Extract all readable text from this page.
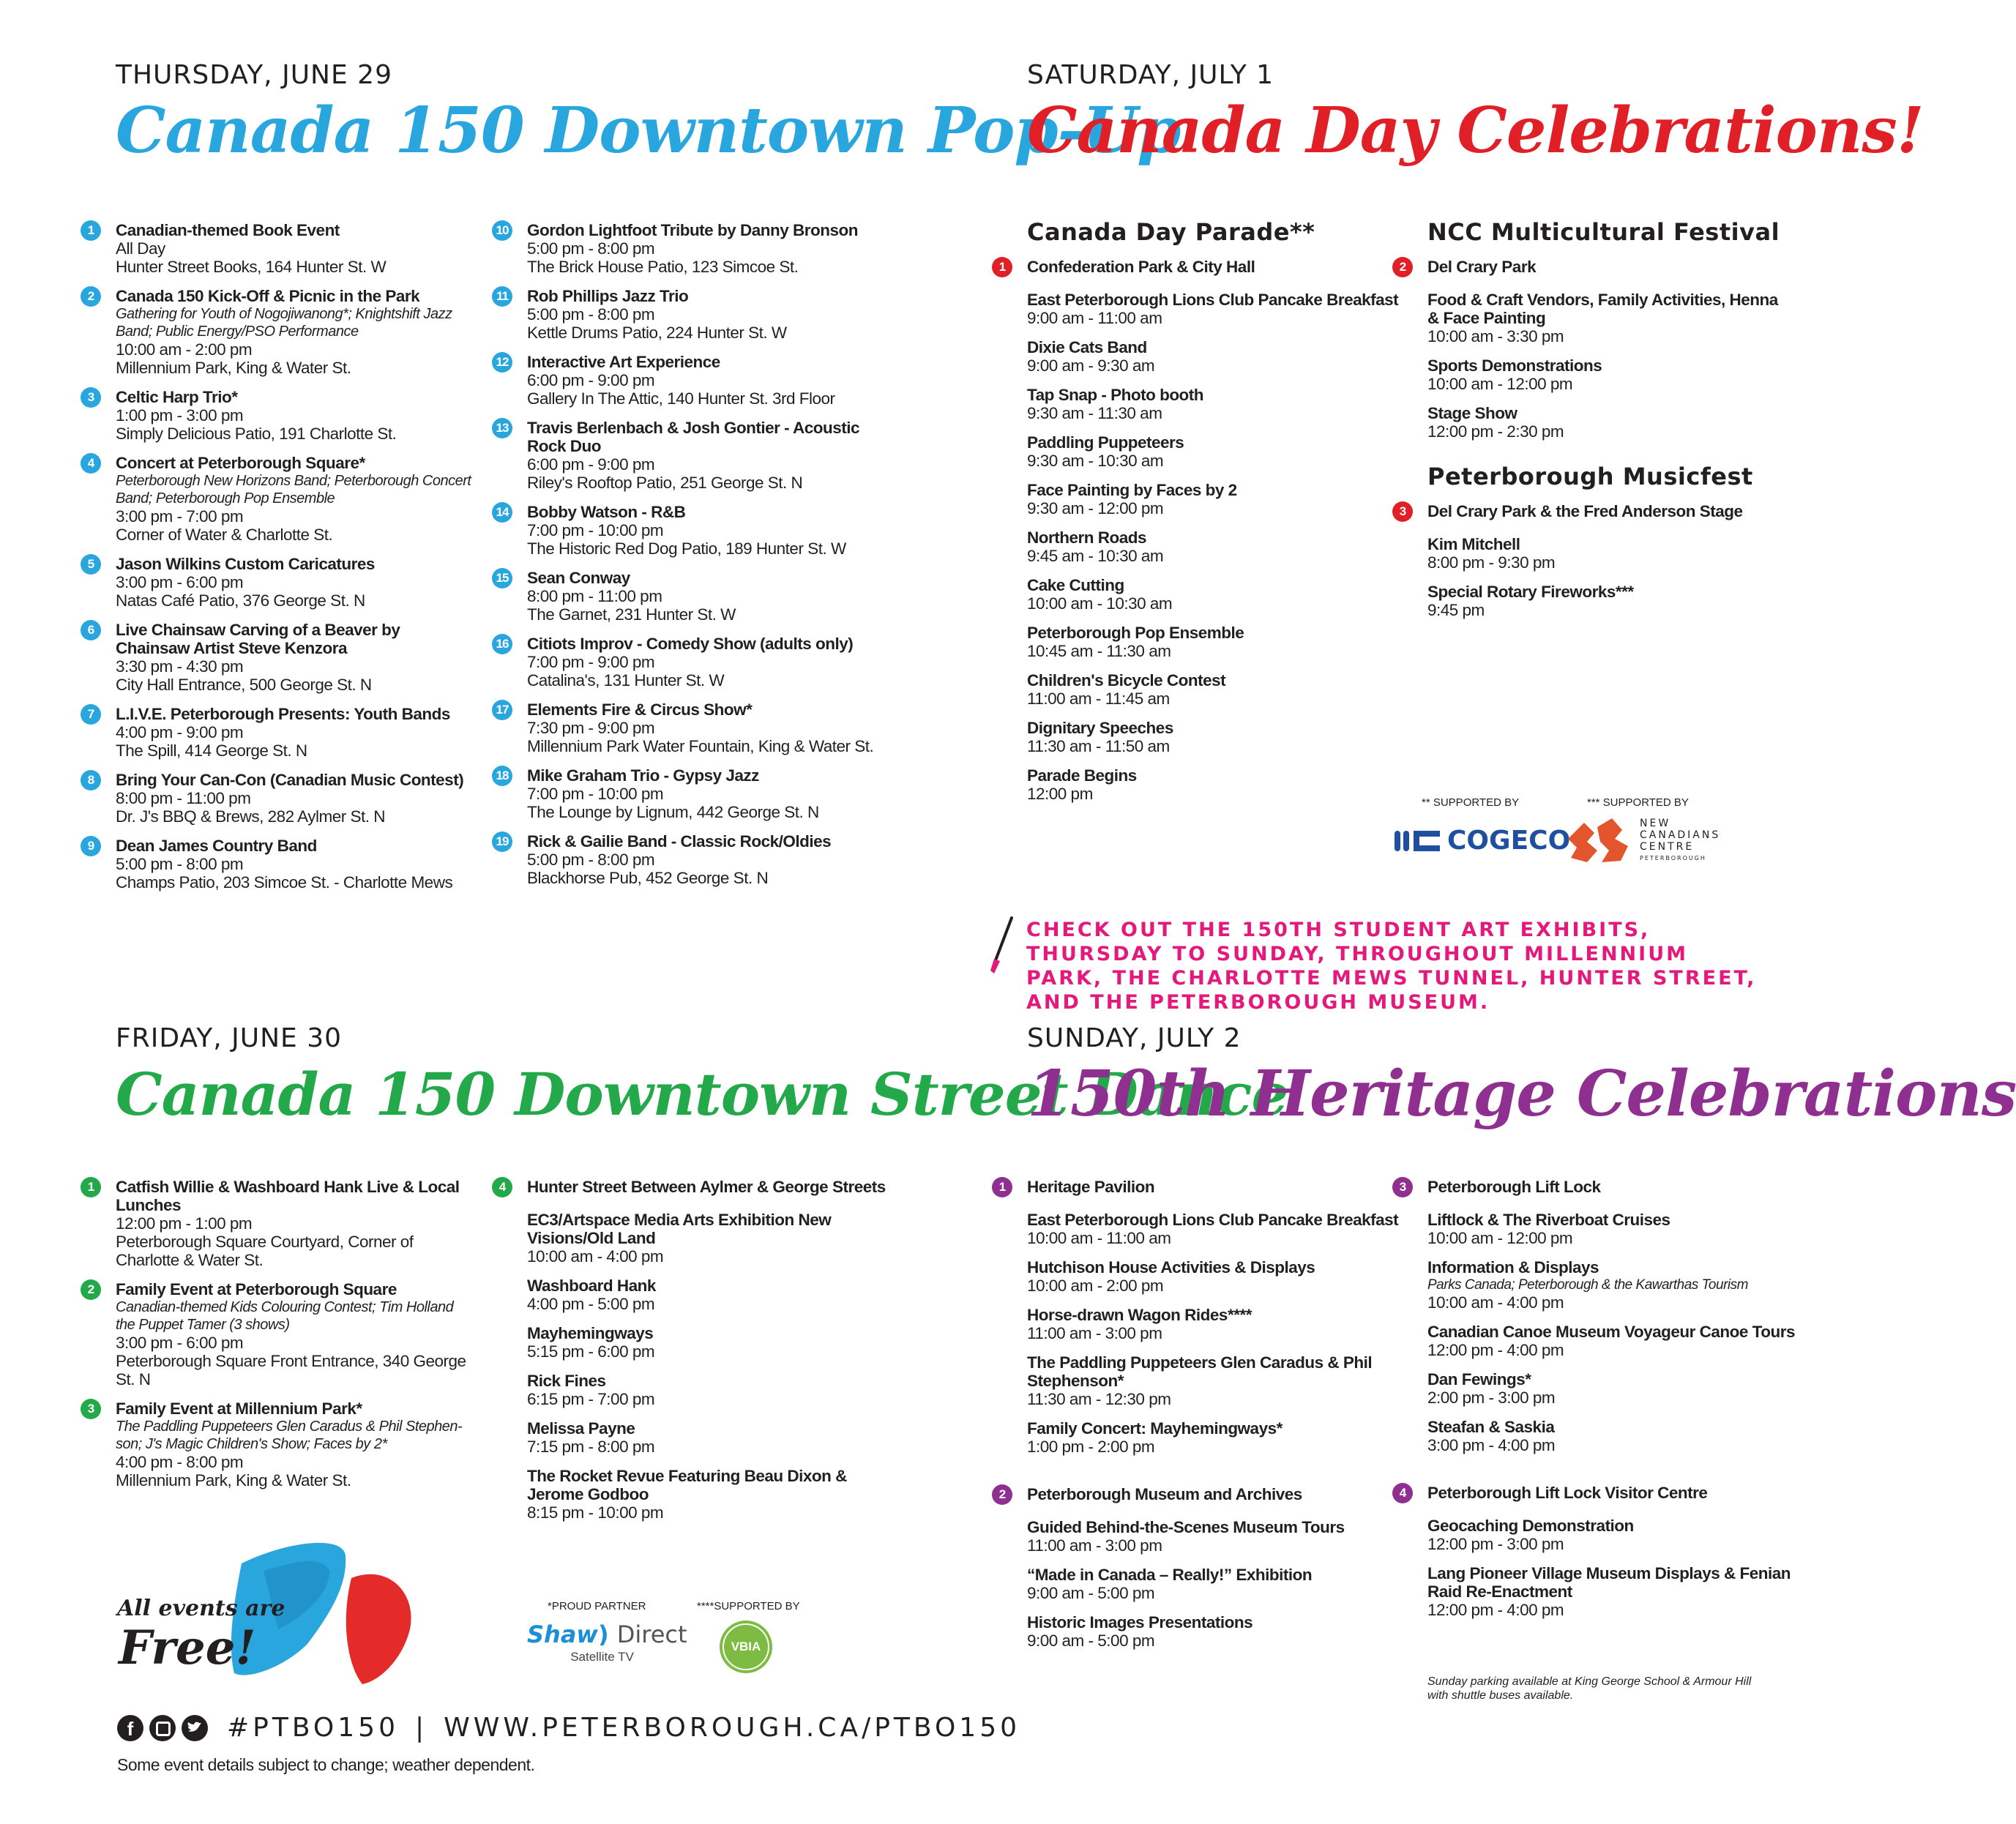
THURSDAY, JUNE 29
Canada 150 Downtown Pop-Up
1	Canadian-themed Book Event
All Day
Hunter Street Books, 164 Hunter St. W
2	Canada 150 Kick-Off & Picnic in the Park
Gathering for Youth of Nogojiwanong*; Knightshift Jazz Band; Public Energy/PSO Performance
10:00 am - 2:00 pm
Millennium Park, King & Water St.
3	Celtic Harp Trio*
1:00 pm - 3:00 pm
Simply Delicious Patio, 191 Charlotte St.
4	Concert at Peterborough Square*
Peterborough New Horizons Band; Peterborough Concert Band; Peterborough Pop Ensemble
3:00 pm - 7:00 pm
Corner of Water & Charlotte St.
5	Jason Wilkins Custom Caricatures
3:00 pm - 6:00 pm
Natas Café Patio, 376 George St. N
6	Live Chainsaw Carving of a Beaver by Chainsaw Artist Steve Kenzora
3:30 pm - 4:30 pm
City Hall Entrance, 500 George St. N
7	L.I.V.E. Peterborough Presents: Youth Bands
4:00 pm - 9:00 pm
The Spill, 414 George St. N
8	Bring Your Can-Con (Canadian Music Contest)
8:00 pm - 11:00 pm
Dr. J's BBQ & Brews, 282 Aylmer St. N
9	Dean James Country Band
5:00 pm - 8:00 pm
Champs Patio, 203 Simcoe St. - Charlotte Mews
10 Gordon Lightfoot Tribute by Danny Bronson
5:00 pm - 8:00 pm
The Brick House Patio, 123 Simcoe St.
11 Rob Phillips Jazz Trio
5:00 pm - 8:00 pm
Kettle Drums Patio, 224 Hunter St. W
12 Interactive Art Experience
6:00 pm - 9:00 pm
Gallery In The Attic, 140 Hunter St. 3rd Floor
13 Travis Berlenbach & Josh Gontier - Acoustic Rock Duo
6:00 pm - 9:00 pm
Riley's Rooftop Patio, 251 George St. N
14 Bobby Watson - R&B
7:00 pm - 10:00 pm
The Historic Red Dog Patio, 189 Hunter St. W
15 Sean Conway
8:00 pm - 11:00 pm
The Garnet, 231 Hunter St. W
16 Citiots Improv - Comedy Show (adults only)
7:00 pm - 9:00 pm
Catalina's, 131 Hunter St. W
17 Elements Fire & Circus Show*
7:30 pm - 9:00 pm
Millennium Park Water Fountain, King & Water St.
18 Mike Graham Trio - Gypsy Jazz
7:00 pm - 10:00 pm
The Lounge by Lignum, 442 George St. N
19 Rick & Gailie Band - Classic Rock/Oldies
5:00 pm - 8:00 pm
Blackhorse Pub, 452 George St. N
SATURDAY, JULY 1
Canada Day Celebrations!
Canada Day Parade**
1	Confederation Park & City Hall
East Peterborough Lions Club Pancake Breakfast
9:00 am - 11:00 am
Dixie Cats Band
9:00 am - 9:30 am
Tap Snap - Photo booth
9:30 am - 11:30 am
Paddling Puppeteers
9:30 am - 10:30 am
Face Painting by Faces by 2
9:30 am - 12:00 pm
Northern Roads
9:45 am - 10:30 am
Cake Cutting
10:00 am - 10:30 am
Peterborough Pop Ensemble
10:45 am - 11:30 am
Children's Bicycle Contest
11:00 am - 11:45 am
Dignitary Speeches
11:30 am - 11:50 am
Parade Begins
12:00 pm
NCC Multicultural Festival
2	Del Crary Park
Food & Craft Vendors, Family Activities, Henna & Face Painting
10:00 am - 3:30 pm
Sports Demonstrations
10:00 am - 12:00 pm
Stage Show
12:00 pm - 2:30 pm
Peterborough Musicfest
3	Del Crary Park & the Fred Anderson Stage
Kim Mitchell
8:00 pm - 9:30 pm
Special Rotary Fireworks***
9:45 pm
** SUPPORTED BY	*** SUPPORTED BY
COGECO
NEW CANADIANS CENTRE
PETERBOROUGH
CHECK OUT THE 150TH STUDENT ART EXHIBITS, THURSDAY TO SUNDAY, THROUGHOUT MILLENNIUM PARK, THE CHARLOTTE MEWS TUNNEL, HUNTER STREET, AND THE PETERBOROUGH MUSEUM.
FRIDAY, JUNE 30
Canada 150 Downtown Street Dance
1	Catfish Willie & Washboard Hank Live & Local Lunches
12:00 pm - 1:00 pm
Peterborough Square Courtyard, Corner of Charlotte & Water St.
2	Family Event at Peterborough Square
Canadian-themed Kids Colouring Contest; Tim Holland the Puppet Tamer (3 shows)
3:00 pm - 6:00 pm
Peterborough Square Front Entrance, 340 George St. N
3	Family Event at Millennium Park*
The Paddling Puppeteers Glen Caradus & Phil Stephen-son; J's Magic Children's Show; Faces by 2*
4:00 pm - 8:00 pm
Millennium Park, King & Water St.
4	Hunter Street Between Aylmer & George Streets
EC3/Artspace Media Arts Exhibition New Visions/Old Land
10:00 am - 4:00 pm
Washboard Hank
4:00 pm - 5:00 pm
Mayhemingways
5:15 pm - 6:00 pm
Rick Fines
6:15 pm - 7:00 pm
Melissa Payne
7:15 pm - 8:00 pm
The Rocket Revue Featuring Beau Dixon & Jerome Godboo
8:15 pm - 10:00 pm
*PROUD PARTNER	****SUPPORTED BY
Shaw) Direct
Satellite TV
VBIA
All events are
Free!
f	#PTBO150 | WWW.PETERBOROUGH.CA/PTBO150
Some event details subject to change; weather dependent.
SUNDAY, JULY 2
150th Heritage Celebrations
1	Heritage Pavilion
East Peterborough Lions Club Pancake Breakfast
10:00 am - 11:00 am
Hutchison House Activities & Displays
10:00 am - 2:00 pm
Horse-drawn Wagon Rides****
11:00 am - 3:00 pm
The Paddling Puppeteers Glen Caradus & Phil Stephenson*
11:30 am - 12:30 pm
Family Concert: Mayhemingways*
1:00 pm - 2:00 pm
2	Peterborough Museum and Archives
Guided Behind-the-Scenes Museum Tours
11:00 am - 3:00 pm
“Made in Canada – Really!” Exhibition
9:00 am - 5:00 pm
Historic Images Presentations
9:00 am - 5:00 pm
3	Peterborough Lift Lock
Liftlock & The Riverboat Cruises
10:00 am - 12:00 pm
Information & Displays
Parks Canada; Peterborough & the Kawarthas Tourism
10:00 am - 4:00 pm
Canadian Canoe Museum Voyageur Canoe Tours
12:00 pm - 4:00 pm
Dan Fewings*
2:00 pm - 3:00 pm
Steafan & Saskia
3:00 pm - 4:00 pm
4	Peterborough Lift Lock Visitor Centre
Geocaching Demonstration
12:00 pm - 3:00 pm
Lang Pioneer Village Museum Displays & Fenian Raid Re-Enactment
12:00 pm - 4:00 pm
Sunday parking available at King George School & Armour Hill with shuttle buses available.
